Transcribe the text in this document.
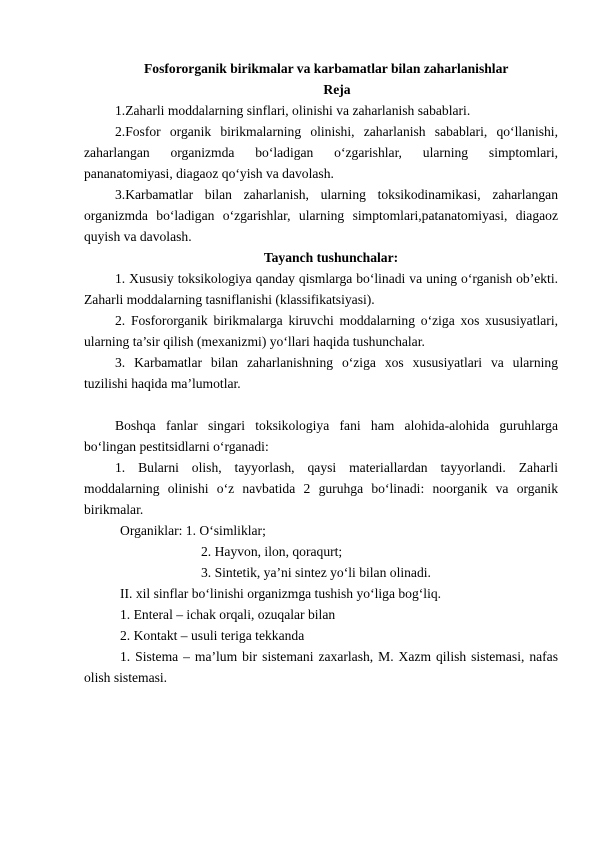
Fosfororganik birikmalar va karbamatlar bilan zaharlanishlar

Reja

1.Zaharli moddalarning sinflari, olinishi va zaharlanish sabablari.

2.Fosfor organik birikmalarning olinishi, zaharlanish sabablari, qo‘llanishi, zaharlangan organizmda bo‘ladigan o‘zgarishlar, ularning simptomlari, pananatomiyasi, diagaoz qo‘yish va davolash.

3.Karbamatlar bilan zaharlanish, ularning toksikodinamikasi, zaharlangan organizmda bo‘ladigan o‘zgarishlar, ularning simptomlari,patanatomiyasi, diagaoz quyish va davolash.

Tayanch tushunchalar:

1. Xususiy toksikologiya qanday qismlarga bo‘linadi va uning o‘rganish ob’ekti. Zaharli moddalarning tasniflanishi (klassifikatsiyasi).

2. Fosfororganik birikmalarga kiruvchi moddalarning o‘ziga xos xususiyatlari, ularning ta’sir qilish (mexanizmi) yo‘llari haqida tushunchalar.

3. Karbamatlar bilan zaharlanishning o‘ziga xos xususiyatlari va ularning tuzilishi haqida ma’lumotlar.

Boshqa fanlar singari toksikologiya fani ham alohida-alohida guruhlarga bo‘lingan pestitsidlarni o‘rganadi:

1. Bularni olish, tayyorlash, qaysi materiallardan tayyorlandi. Zaharli moddalarning olinishi o‘z navbatida 2 guruhga bo‘linadi: noorganik va organik birikmalar.

Organiklar: 1. O‘simliklar;

2. Hayvon, ilon, qoraqurt;

3. Sintetik, ya’ni sintez yo‘li bilan olinadi.

II. xil sinflar bo‘linishi organizmga tushish yo‘liga bog‘liq.

1. Enteral – ichak orqali, ozuqalar bilan

2. Kontakt – usuli teriga tekkanda

1. Sistema – ma’lum bir sistemani zaxarlash, M. Xazm qilish sistemasi, nafas olish sistemasi.
